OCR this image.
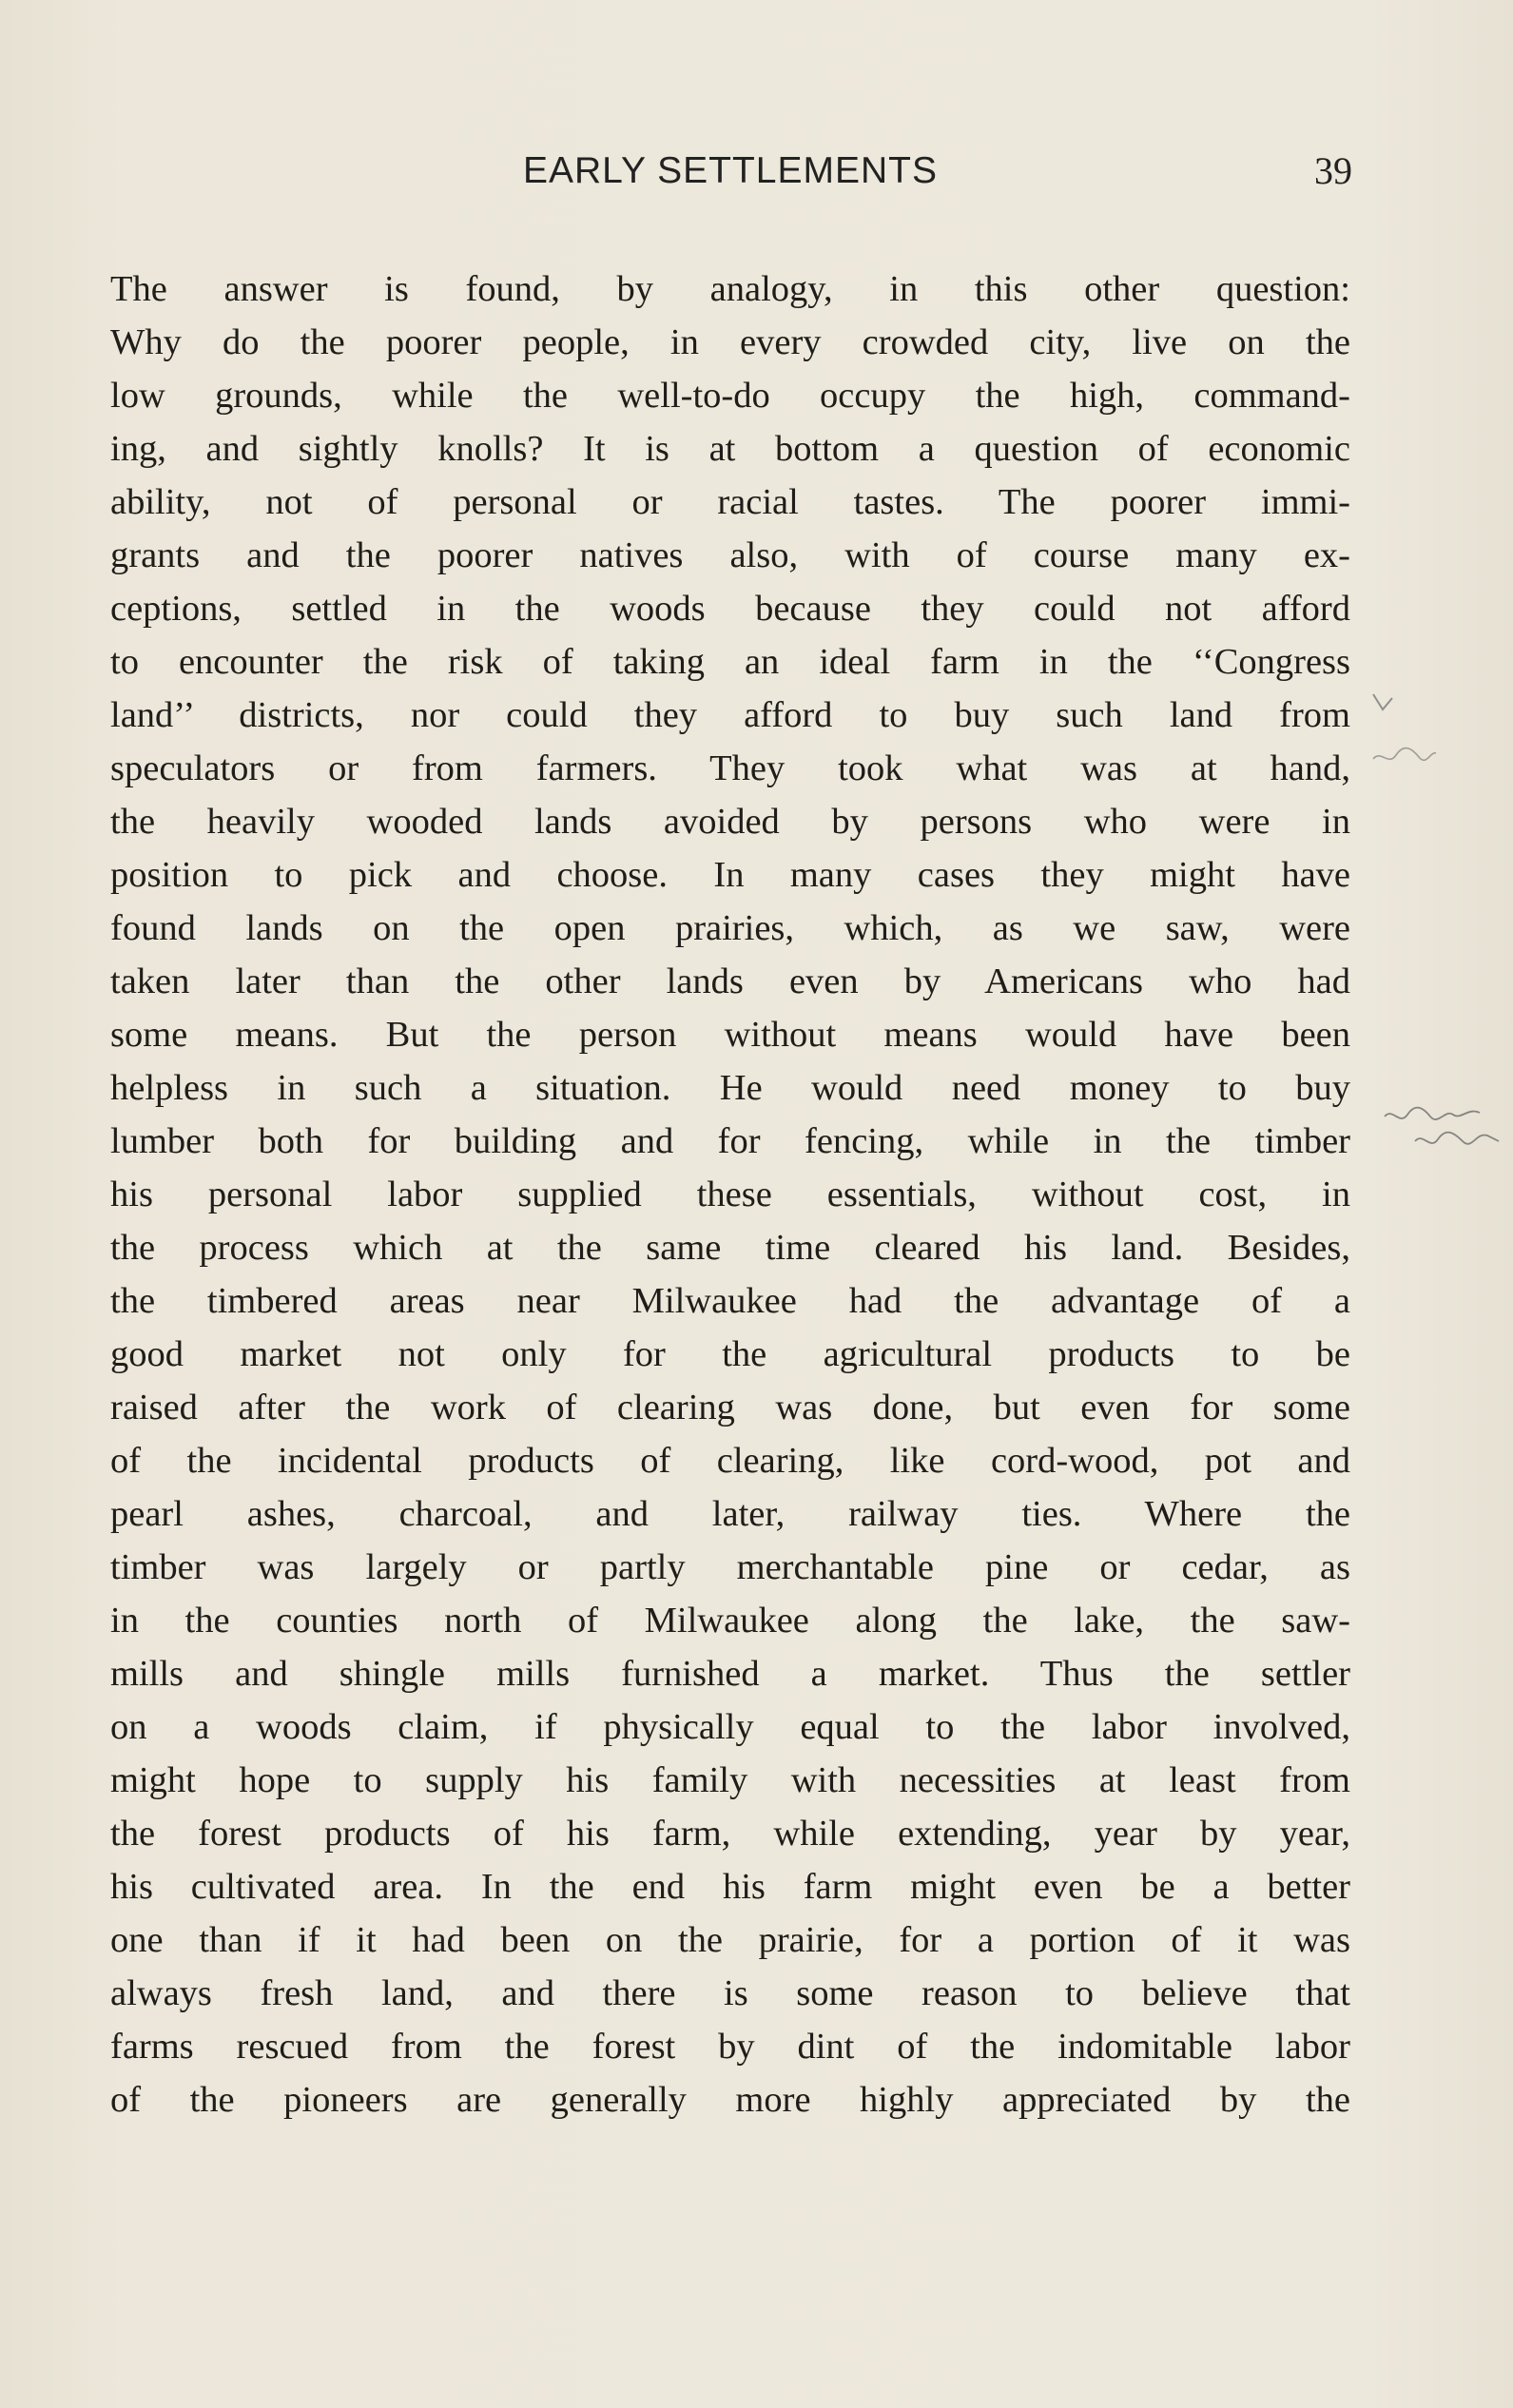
EARLY SETTLEMENTS	39
The answer is found, by analogy, in this other question:
Why do the poorer people, in every crowded city, live on the
low grounds, while the well-to-do occupy the high, command-
ing, and sightly knolls? It is at bottom a question of economic
ability, not of personal or racial tastes. The poorer immi-
grants and the poorer natives also, with of course many ex-
ceptions, settled in the woods because they could not afford
to encounter the risk of taking an ideal farm in the ‘‘Congress
land’’ districts, nor could they afford to buy such land from
speculators or from farmers. They took what was at hand,
the heavily wooded lands avoided by persons who were in
position to pick and choose. In many cases they might have
found lands on the open prairies, which, as we saw, were
taken later than the other lands even by Americans who had
some means. But the person without means would have been
helpless in such a situation. He would need money to buy
lumber both for building and for fencing, while in the timber
his personal labor supplied these essentials, without cost, in
the process which at the same time cleared his land. Besides,
the timbered areas near Milwaukee had the advantage of a
good market not only for the agricultural products to be
raised after the work of clearing was done, but even for some
of the incidental products of clearing, like cord-wood, pot and
pearl ashes, charcoal, and later, railway ties. Where the
timber was largely or partly merchantable pine or cedar, as
in the counties north of Milwaukee along the lake, the saw-
mills and shingle mills furnished a market. Thus the settler
on a woods claim, if physically equal to the labor involved,
might hope to supply his family with necessities at least from
the forest products of his farm, while extending, year by year,
his cultivated area. In the end his farm might even be a better
one than if it had been on the prairie, for a portion of it was
always fresh land, and there is some reason to believe that
farms rescued from the forest by dint of the indomitable labor
of the pioneers are generally more highly appreciated by the
